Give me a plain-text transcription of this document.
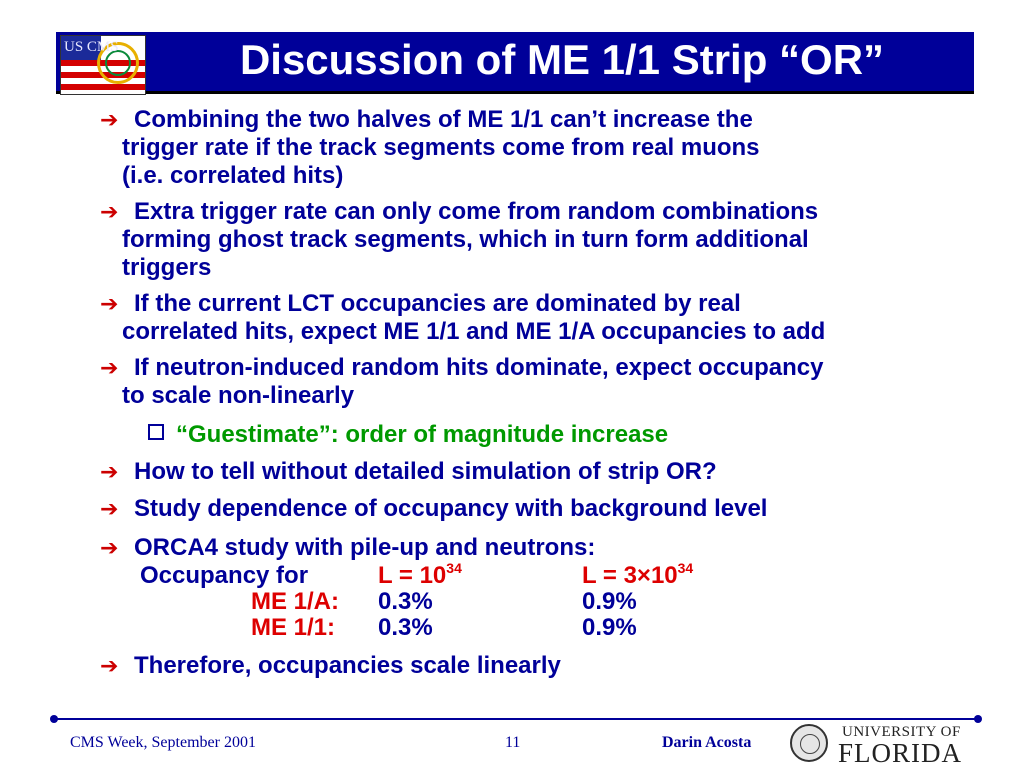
US CMS	Discussion of ME 1/1 Strip “OR”
➔ Combining the two halves of ME 1/1 can’t increase the
trigger rate if the track segments come from real muons
(i.e. correlated hits)
➔ Extra trigger rate can only come from random combinations
forming ghost track segments, which in turn form additional
triggers
➔ If the current LCT occupancies are dominated by real
correlated hits, expect ME 1/1 and ME 1/A occupancies to add
➔ If neutron-induced random hits dominate, expect occupancy
to scale non-linearly
“Guestimate”: order of magnitude increase
➔ How to tell without detailed simulation of strip OR?
➔ Study dependence of occupancy with background level
➔ ORCA4 study with pile-up and neutrons:
Occupancy for	$L = 10^{34}$	$L = 3\times 10^{34}$
ME 1/A: 0.3%	0.9%
ME 1/1: 0.3%	0.9%
➔ Therefore, occupancies scale linearly
CMS Week, September 2001	11	Darin Acosta
UNIVERSITY OF
FLORIDA
